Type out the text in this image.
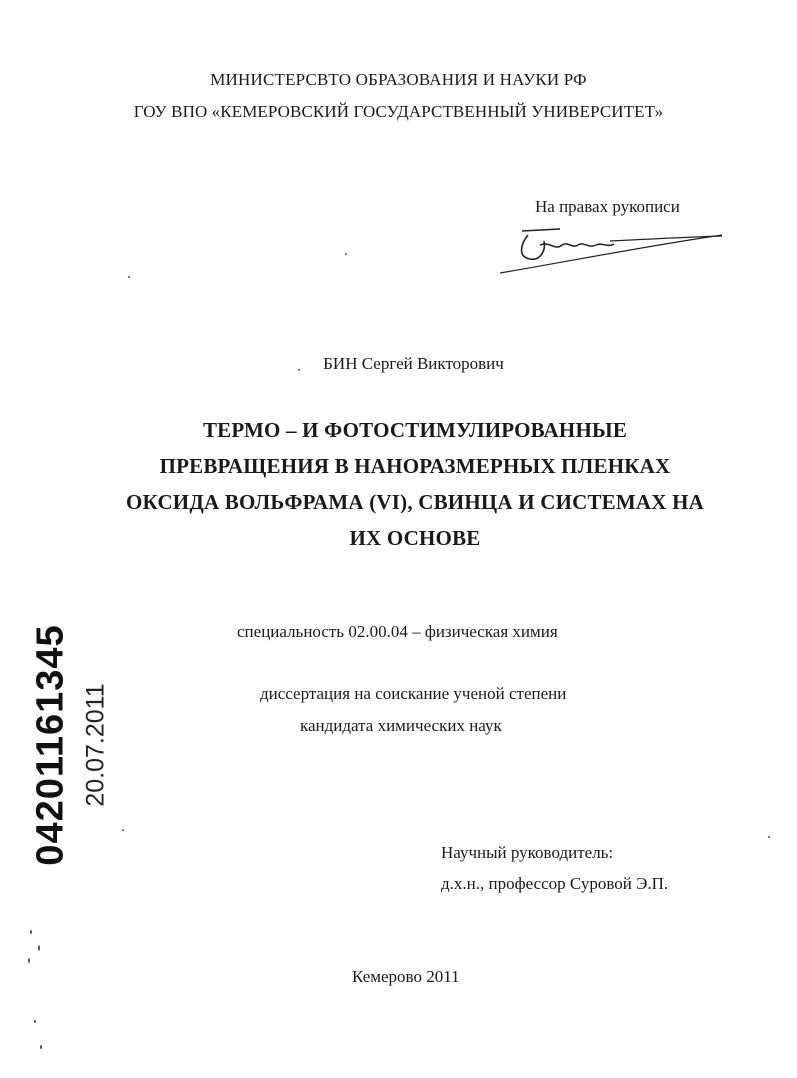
МИНИСТЕРСВТО ОБРАЗОВАНИЯ И НАУКИ РФ
ГОУ ВПО «КЕМЕРОВСКИЙ ГОСУДАРСТВЕННЫЙ УНИВЕРСИТЕТ»
На правах рукописи
БИН Сергей Викторович
ТЕРМО – И ФОТОСТИМУЛИРОВАННЫЕ
ПРЕВРАЩЕНИЯ В НАНОРАЗМЕРНЫХ ПЛЕНКАХ
ОКСИДА ВОЛЬФРАМА (VI), СВИНЦА И СИСТЕМАХ НА
ИХ ОСНОВЕ
специальность 02.00.04 – физическая химия
диссертация на соискание ученой степени
кандидата химических наук
Научный руководитель:
д.х.н., профессор Суровой Э.П.
Кемерово 2011
04201161345 20.07.2011
